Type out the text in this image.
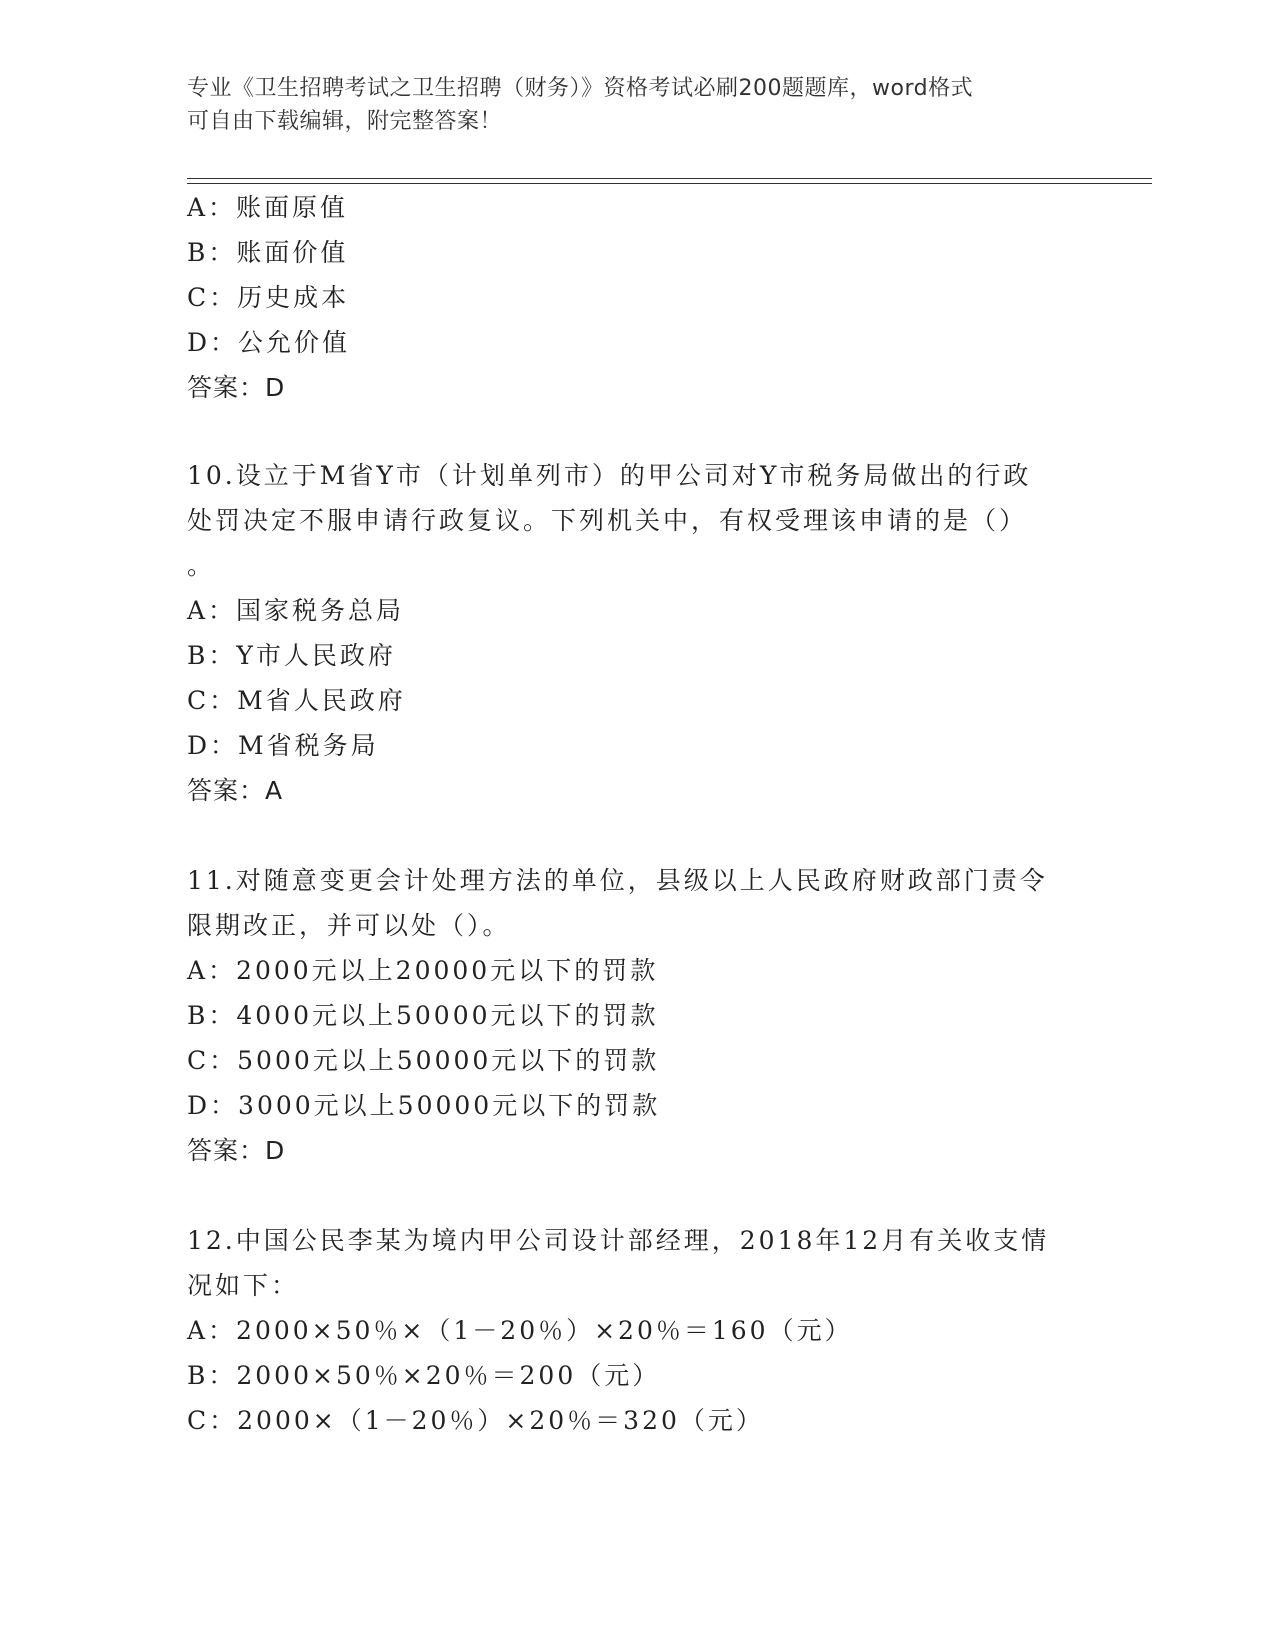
专业《卫生招聘考试之卫生招聘（财务）》资格考试必刷200题题库，word格式
可自由下载编辑，附完整答案！
A：账面原值
B：账面价值
C：历史成本
D：公允价值
答案：D
10.设立于M省Y市（计划单列市）的甲公司对Y市税务局做出的行政
处罚决定不服申请行政复议。下列机关中，有权受理该申请的是（）
。
A：国家税务总局
B：Y市人民政府
C：M省人民政府
D：M省税务局
答案：A
11.对随意变更会计处理方法的单位，县级以上人民政府财政部门责令
限期改正，并可以处（）。
A：2000元以上20000元以下的罚款
B：4000元以上50000元以下的罚款
C：5000元以上50000元以下的罚款
D：3000元以上50000元以下的罚款
答案：D
12.中国公民李某为境内甲公司设计部经理，2018年12月有关收支情
况如下：
A：2000×50％×（1－20％）×20％＝160（元）
B：2000×50％×20％＝200（元）
C：2000×（1－20％）×20％＝320（元）
